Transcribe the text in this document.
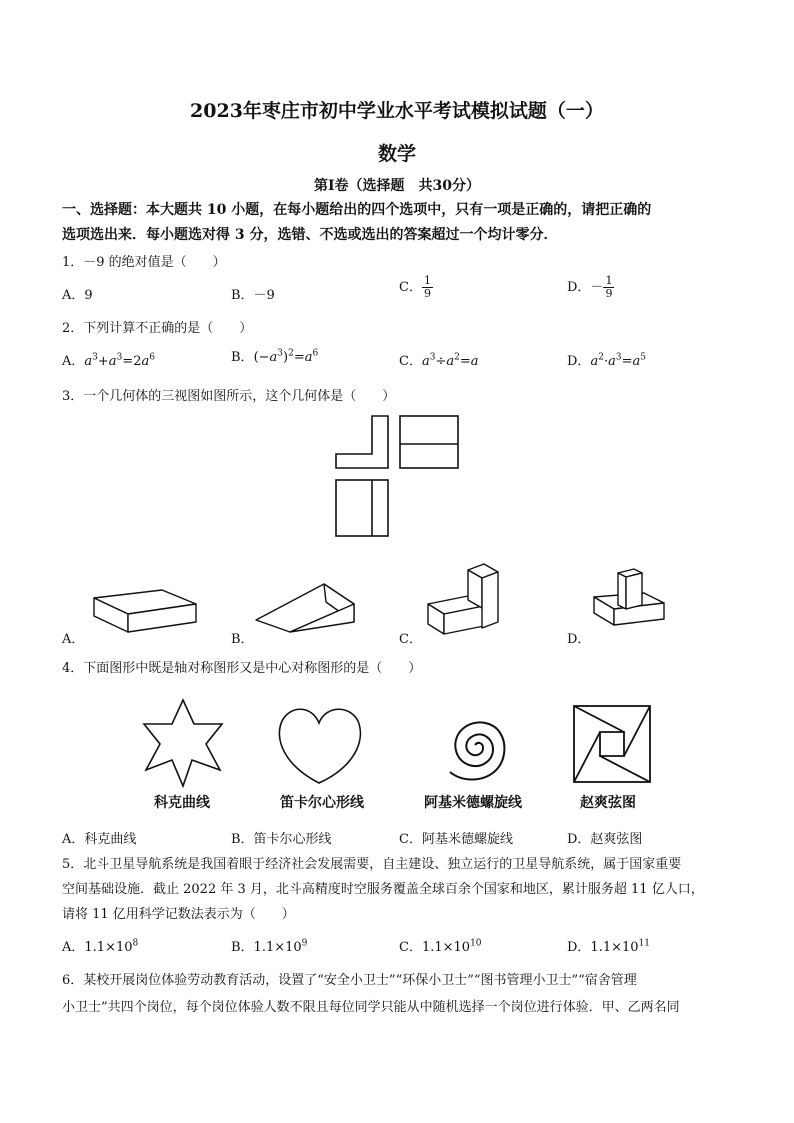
2023年枣庄市初中学业水平考试模拟试题（一）
数学
第Ⅰ卷（选择题　共30分）
一、选择题：本大题共 10 小题，在每小题给出的四个选项中，只有一项是正确的，请把正确的
选项选出来．每小题选对得 3 分，选错、不选或选出的答案超过一个均计零分．
1．－9 的绝对值是（　　）
A．9	B．－9
C． $\frac{1}{9}$	D．－ $\frac{1}{9}$
2．下列计算不正确的是（　　）
A．$a^3+a^3=2a^6$	B．$(-a^3)^2=a^6$
C．$a^3\div a^2=a$	D．$a^2\cdot a^3=a^5$
3．一个几何体的三视图如图所示，这个几何体是（　　）
A．	B．	C．	D．
4．下面图形中既是轴对称图形又是中心对称图形的是（　　）
科克曲线	笛卡尔心形线	阿基米德螺旋线	赵爽弦图
A．科克曲线	B．笛卡尔心形线	C．阿基米德螺旋线	D．赵爽弦图
5．北斗卫星导航系统是我国着眼于经济社会发展需要，自主建设、独立运行的卫星导航系统，属于国家重要
空间基础设施．截止 2022 年 3 月，北斗高精度时空服务覆盖全球百余个国家和地区，累计服务超 11 亿人口，
请将 11 亿用科学记数法表示为（　　）
A．$1.1\times 10^8$	B．$1.1\times 10^9$	C．$1.1\times 10^{10}$	D．$1.1\times 10^{11}$
6．某校开展岗位体验劳动教育活动，设置了“安全小卫士”“环保小卫士”“图书管理小卫士”“宿舍管理
小卫士”共四个岗位，每个岗位体验人数不限且每位同学只能从中随机选择一个岗位进行体验．甲、乙两名同
